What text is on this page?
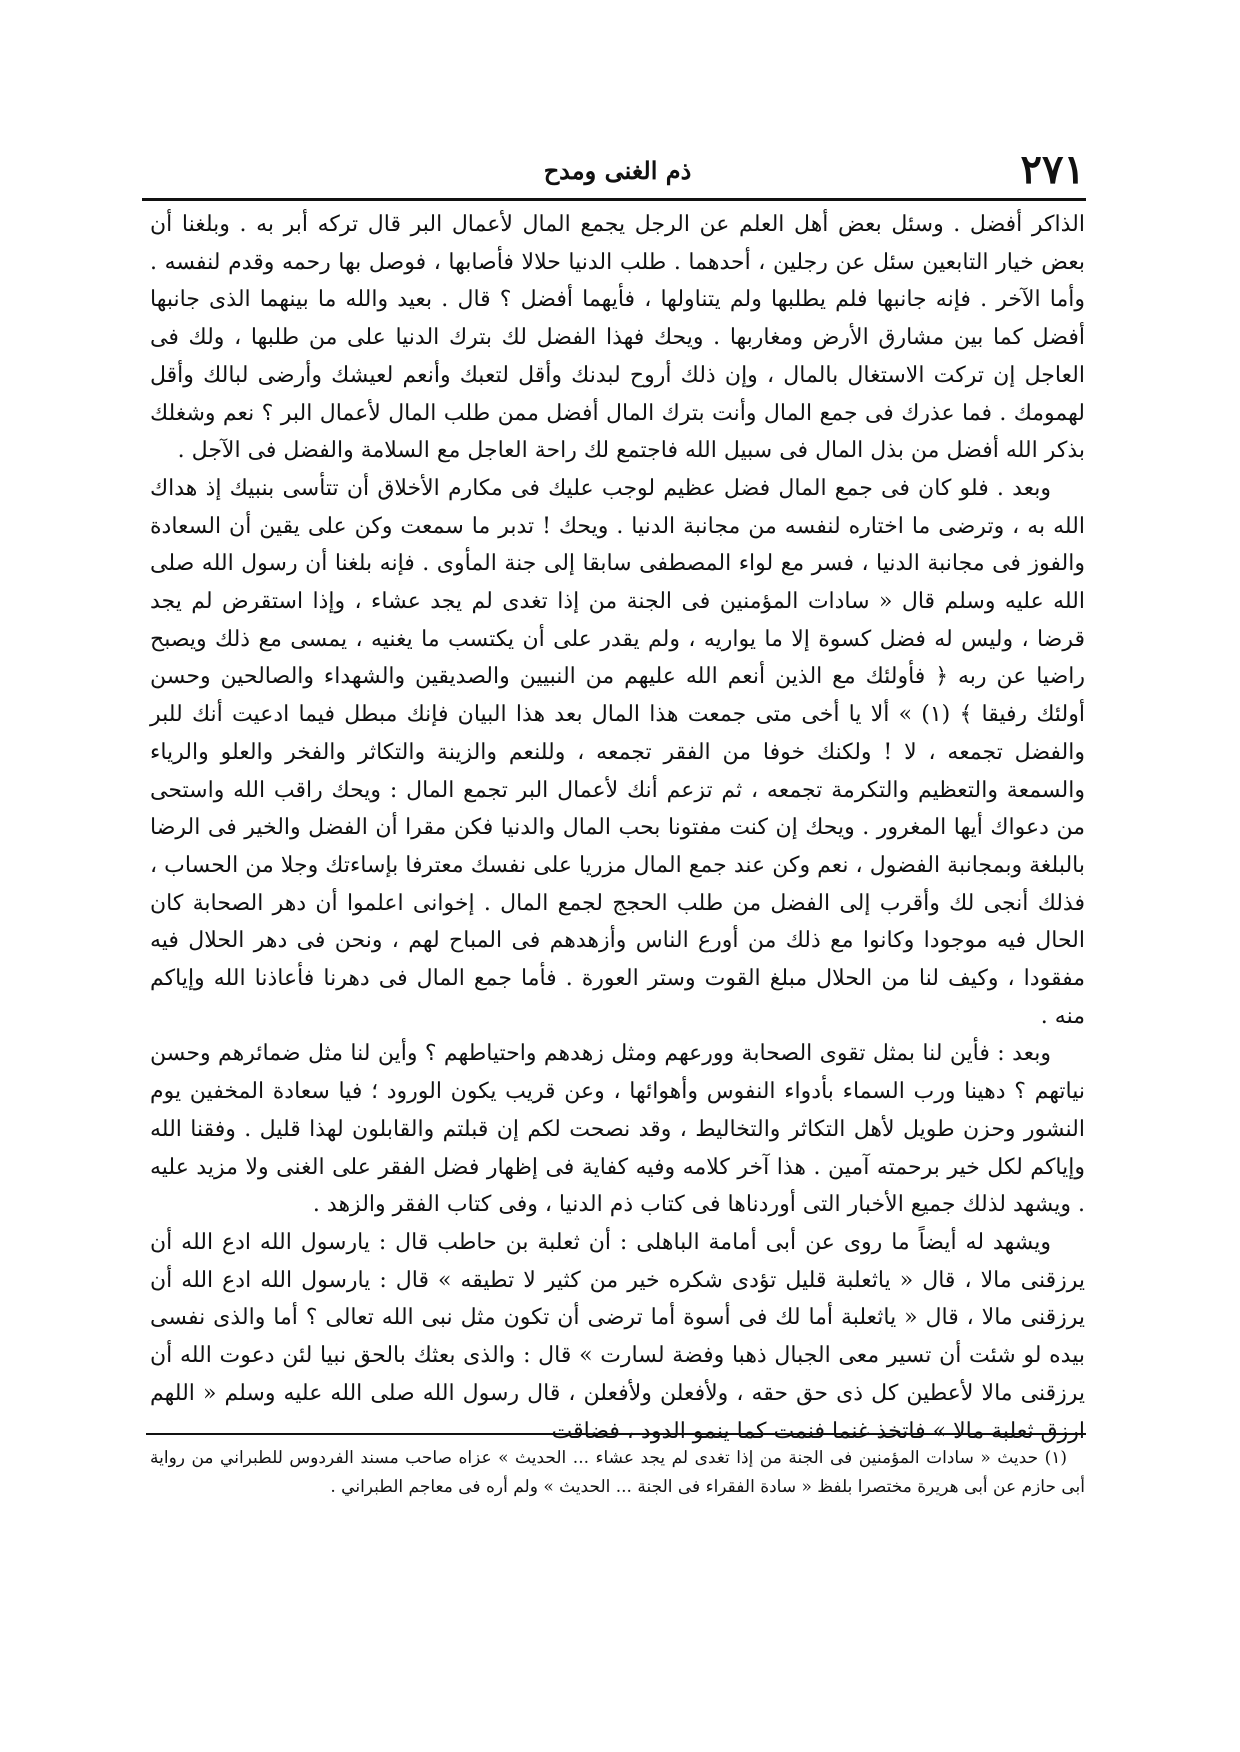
٢٧١
ذم الغنى ومدح

الذاكر أفضل . وسئل بعض أهل العلم عن الرجل يجمع المال لأعمال البر قال تركه أبر به . وبلغنا أن بعض خيار التابعين سئل عن رجلين ، أحدهما . طلب الدنيا حلالا فأصابها ، فوصل بها رحمه وقدم لنفسه . وأما الآخر . فإنه جانبها فلم يطلبها ولم يتناولها ، فأيهما أفضل ؟ قال . بعيد والله ما بينهما الذى جانبها أفضل كما بين مشارق الأرض ومغاربها . ويحك فهذا الفضل لك بترك الدنيا على من طلبها ، ولك فى العاجل إن تركت الاستغال بالمال ، وإن ذلك أروح لبدنك وأقل لتعبك وأنعم لعيشك وأرضى لبالك وأقل لهمومك . فما عذرك فى جمع المال وأنت بترك المال أفضل ممن طلب المال لأعمال البر ؟ نعم وشغلك بذكر الله أفضل من بذل المال فى سبيل الله فاجتمع لك راحة العاجل مع السلامة والفضل فى الآجل .

وبعد . فلو كان فى جمع المال فضل عظيم لوجب عليك فى مكارم الأخلاق أن تتأسى بنبيك إذ هداك الله به ، وترضى ما اختاره لنفسه من مجانبة الدنيا . ويحك ! تدبر ما سمعت وكن على يقين أن السعادة والفوز فى مجانبة الدنيا ، فسر مع لواء المصطفى سابقا إلى جنة المأوى . فإنه بلغنا أن رسول الله صلى الله عليه وسلم قال « سادات المؤمنين فى الجنة من إذا تغدى لم يجد عشاء ، وإذا استقرض لم يجد قرضا ، وليس له فضل كسوة إلا ما يواريه ، ولم يقدر على أن يكتسب ما يغنيه ، يمسى مع ذلك ويصبح راضيا عن ربه ﴿ فأولئك مع الذين أنعم الله عليهم من النبيين والصديقين والشهداء والصالحين وحسن أولئك رفيقا ﴾ (١) » ألا يا أخى متى جمعت هذا المال بعد هذا البيان فإنك مبطل فيما ادعيت أنك للبر والفضل تجمعه ، لا ! ولكنك خوفا من الفقر تجمعه ، وللنعم والزينة والتكاثر والفخر والعلو والرياء والسمعة والتعظيم والتكرمة تجمعه ، ثم تزعم أنك لأعمال البر تجمع المال : ويحك راقب الله واستحى من دعواك أيها المغرور . ويحك إن كنت مفتونا بحب المال والدنيا فكن مقرا أن الفضل والخير فى الرضا بالبلغة وبمجانبة الفضول ، نعم وكن عند جمع المال مزريا على نفسك معترفا بإساءتك وجلا من الحساب ، فذلك أنجى لك وأقرب إلى الفضل من طلب الحجج لجمع المال . إخوانى اعلموا أن دهر الصحابة كان الحال فيه موجودا وكانوا مع ذلك من أورع الناس وأزهدهم فى المباح لهم ، ونحن فى دهر الحلال فيه مفقودا ، وكيف لنا من الحلال مبلغ القوت وستر العورة . فأما جمع المال فى دهرنا فأعاذنا الله وإياكم منه .

وبعد : فأين لنا بمثل تقوى الصحابة وورعهم ومثل زهدهم واحتياطهم ؟ وأين لنا مثل ضمائرهم وحسن نياتهم ؟ دهينا ورب السماء بأدواء النفوس وأهوائها ، وعن قريب يكون الورود ؛ فيا سعادة المخفين يوم النشور وحزن طويل لأهل التكاثر والتخاليط ، وقد نصحت لكم إن قبلتم والقابلون لهذا قليل . وفقنا الله وإياكم لكل خير برحمته آمين . هذا آخر كلامه وفيه كفاية فى إظهار فضل الفقر على الغنى ولا مزيد عليه . ويشهد لذلك جميع الأخبار التى أوردناها فى كتاب ذم الدنيا ، وفى كتاب الفقر والزهد .

ويشهد له أيضاً ما روى عن أبى أمامة الباهلى : أن ثعلبة بن حاطب قال : يارسول الله ادع الله أن يرزقنى مالا ، قال « ياثعلبة قليل تؤدى شكره خير من كثير لا تطيقه » قال : يارسول الله ادع الله أن يرزقنى مالا ، قال « ياثعلبة أما لك فى أسوة أما ترضى أن تكون مثل نبى الله تعالى ؟ أما والذى نفسى بيده لو شئت أن تسير معى الجبال ذهبا وفضة لسارت » قال : والذى بعثك بالحق نبيا لئن دعوت الله أن يرزقنى مالا لأعطين كل ذى حق حقه ، ولأفعلن ولأفعلن ، قال رسول الله صلى الله عليه وسلم « اللهم ارزق ثعلبة مالا » فاتخذ غنما فنمت كما ينمو الدود ، فضاقت

(١) حديث « سادات المؤمنين فى الجنة من إذا تغدى لم يجد عشاء ... الحديث » عزاه صاحب مسند الفردوس للطبراني من رواية أبى حازم عن أبى هريرة مختصرا بلفظ « سادة الفقراء فى الجنة ... الحديث » ولم أره فى معاجم الطبراني .
